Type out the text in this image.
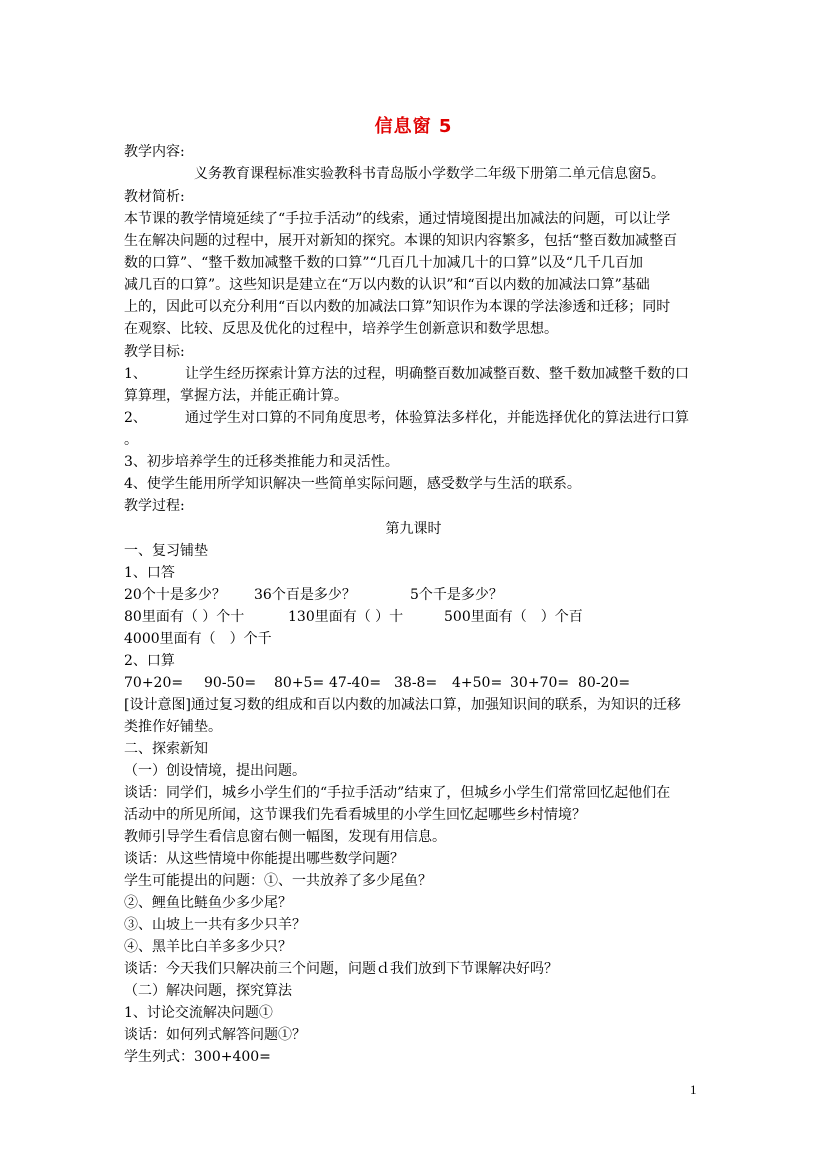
信息窗 5
教学内容:
义务教育课程标准实验教科书青岛版小学数学二年级下册第二单元信息窗5。
教材简析:
本节课的教学情境延续了“手拉手活动”的线索，通过情境图提出加减法的问题，可以让学
生在解决问题的过程中，展开对新知的探究。本课的知识内容繁多，包括“整百数加减整百
数的口算”、“整千数加减整千数的口算”“几百几十加减几十的口算”以及“几千几百加
减几百的口算”。这些知识是建立在“万以内数的认识”和“百以内数的加减法口算”基础
上的，因此可以充分利用“百以内数的加减法口算”知识作为本课的学法渗透和迁移；同时
在观察、比较、反思及优化的过程中，培养学生创新意识和数学思想。
教学目标:
1、	让学生经历探索计算方法的过程，明确整百数加减整百数、整千数加减整千数的口
算算理，掌握方法，并能正确计算。
2、	通过学生对口算的不同角度思考，体验算法多样化，并能选择优化的算法进行口算
。
3、初步培养学生的迁移类推能力和灵活性。
4、使学生能用所学知识解决一些简单实际问题，感受数学与生活的联系。
教学过程:
第九课时
一、复习铺垫
1、口答
20个十是多少？ 36个百是多少？	5个千是多少？
80里面有（ ）个十	130里面有（ ）十	500里面有（　）个百
4000里面有（　）个千
2、口算
70+20= 90-50= 80+5= 47-40= 38-8= 4+50= 30+70= 80-20=
[设计意图]通过复习数的组成和百以内数的加减法口算，加强知识间的联系，为知识的迁移
类推作好铺垫。
二、探索新知
（一）创设情境，提出问题。
谈话：同学们，城乡小学生们的“手拉手活动”结束了，但城乡小学生们常常回忆起他们在
活动中的所见所闻，这节课我们先看看城里的小学生回忆起哪些乡村情境？
教师引导学生看信息窗右侧一幅图，发现有用信息。
谈话：从这些情境中你能提出哪些数学问题？
学生可能提出的问题：①、一共放养了多少尾鱼？
②、鲤鱼比鲢鱼少多少尾？
③、山坡上一共有多少只羊？
④、黑羊比白羊多多少只？
谈话：今天我们只解决前三个问题，问题ｄ我们放到下节课解决好吗？
（二）解决问题，探究算法
1、讨论交流解决问题①
谈话：如何列式解答问题①？
学生列式：300+400=
1
